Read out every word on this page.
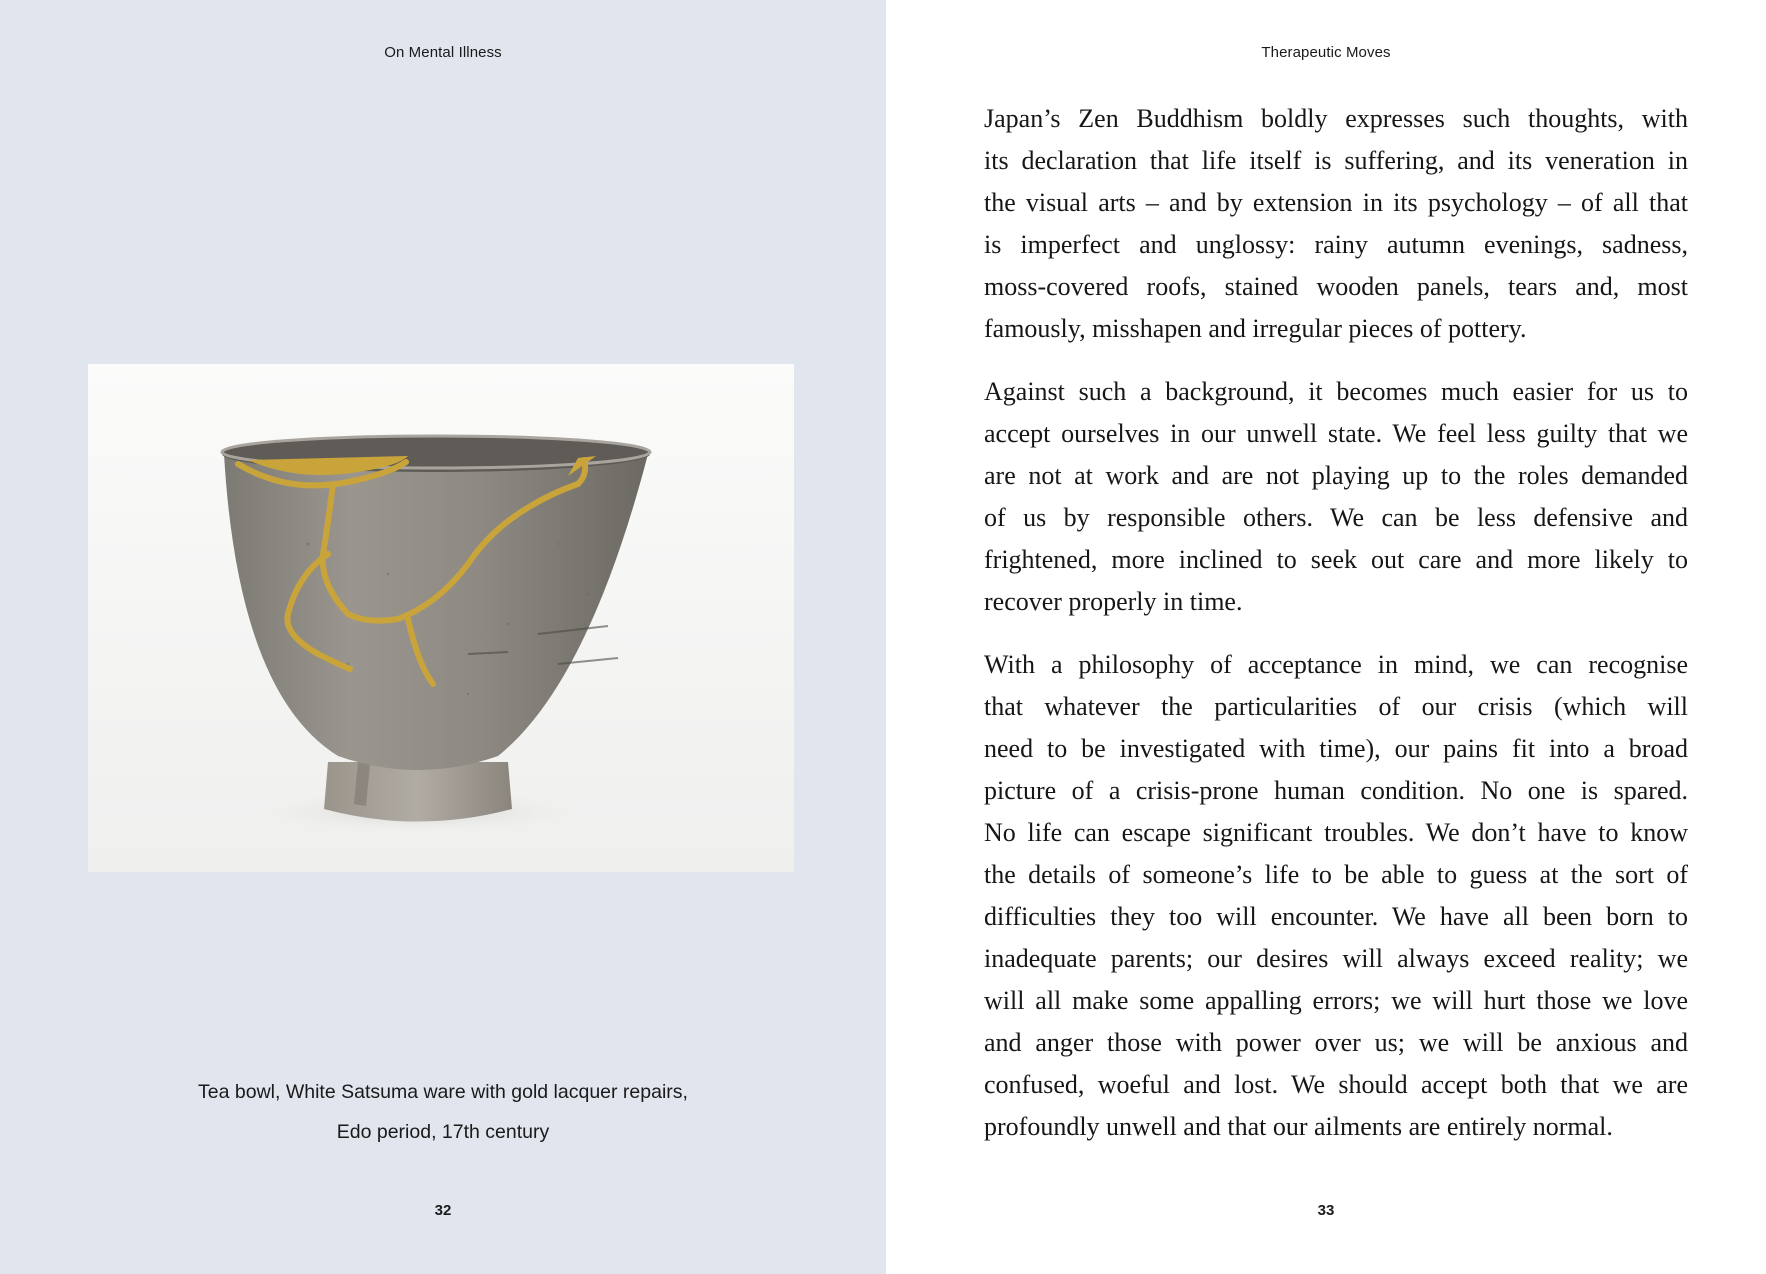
On Mental Illness
Tea bowl, White Satsuma ware with gold lacquer repairs,
Edo period, 17th century
32
Therapeutic Moves
Japan’s Zen Buddhism boldly expresses such thoughts, with
its declaration that life itself is suffering, and its veneration in
the visual arts – and by extension in its psychology – of all that
is imperfect and unglossy: rainy autumn evenings, sadness,
moss-covered roofs, stained wooden panels, tears and, most
famously, misshapen and irregular pieces of pottery.
Against such a background, it becomes much easier for us to
accept ourselves in our unwell state. We feel less guilty that we
are not at work and are not playing up to the roles demanded
of us by responsible others. We can be less defensive and
frightened, more inclined to seek out care and more likely to
recover properly in time.
With a philosophy of acceptance in mind, we can recognise
that whatever the particularities of our crisis (which will
need to be investigated with time), our pains fit into a broad
picture of a crisis-prone human condition. No one is spared.
No life can escape significant troubles. We don’t have to know
the details of someone’s life to be able to guess at the sort of
difficulties they too will encounter. We have all been born to
inadequate parents; our desires will always exceed reality; we
will all make some appalling errors; we will hurt those we love
and anger those with power over us; we will be anxious and
confused, woeful and lost. We should accept both that we are
profoundly unwell and that our ailments are entirely normal.
33
